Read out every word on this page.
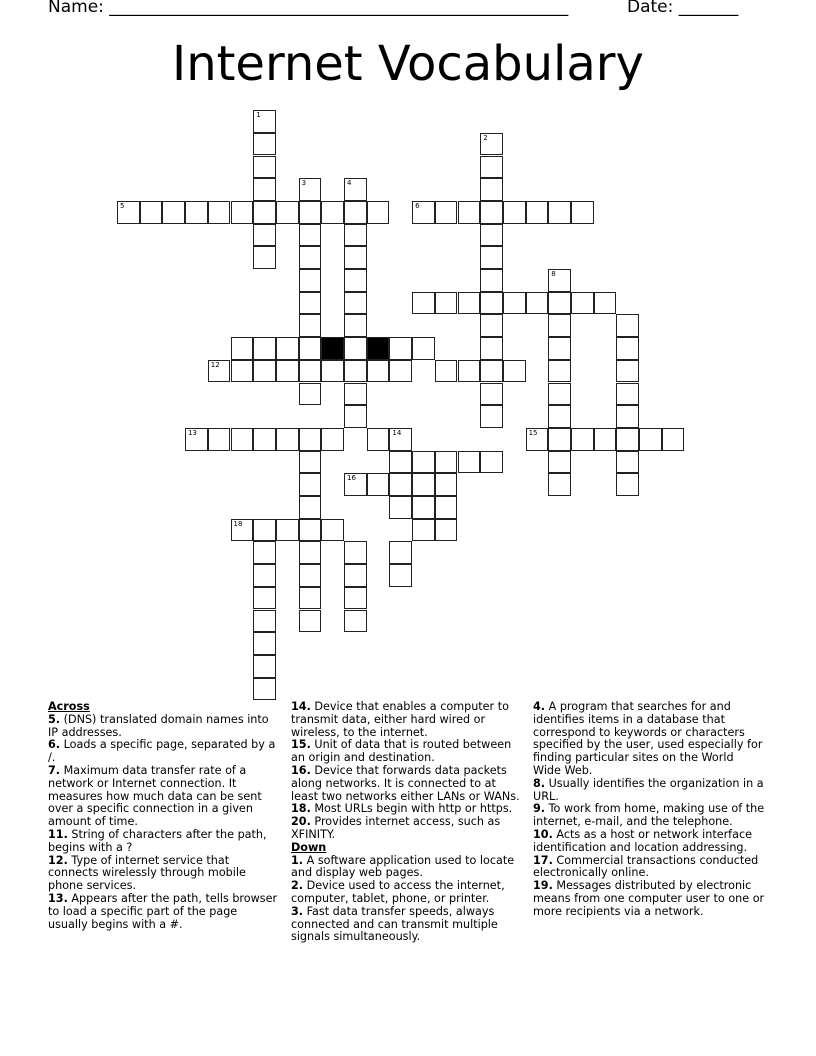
Name: ______________________________________________________	Date: _______
Internet Vocabulary
1
5
3	4
6
2
8
12
13	14	15
16
18

Across

5. (DNS) translated domain names into IP addresses.

6. Loads a specific page, separated by a /.

7. Maximum data transfer rate of a network or Internet connection. It measures how much data can be sent over a specific connection in a given amount of time.

11. String of characters after the path, begins with a ?

12. Type of internet service that connects wirelessly through mobile phone services.

13. Appears after the path, tells browser to load a specific part of the page usually begins with a #.

14. Device that enables a computer to transmit data, either hard wired or wireless, to the internet.

15. Unit of data that is routed between an origin and destination.

16. Device that forwards data packets along networks. It is connected to at least two networks either LANs or WANs.

18. Most URLs begin with http or https.

20. Provides internet access, such as XFINITY.

Down

1. A software application used to locate and display web pages.

2. Device used to access the internet, computer, tablet, phone, or printer.

3. Fast data transfer speeds, always connected and can transmit multiple signals simultaneously.

4. A program that searches for and identifies items in a database that correspond to keywords or characters specified by the user, used especially for finding particular sites on the World Wide Web.

8. Usually identifies the organization in a URL.

9. To work from home, making use of the internet, e-mail, and the telephone.

10. Acts as a host or network interface identification and location addressing.

17. Commercial transactions conducted electronically online.

19. Messages distributed by electronic means from one computer user to one or more recipients via a network.
